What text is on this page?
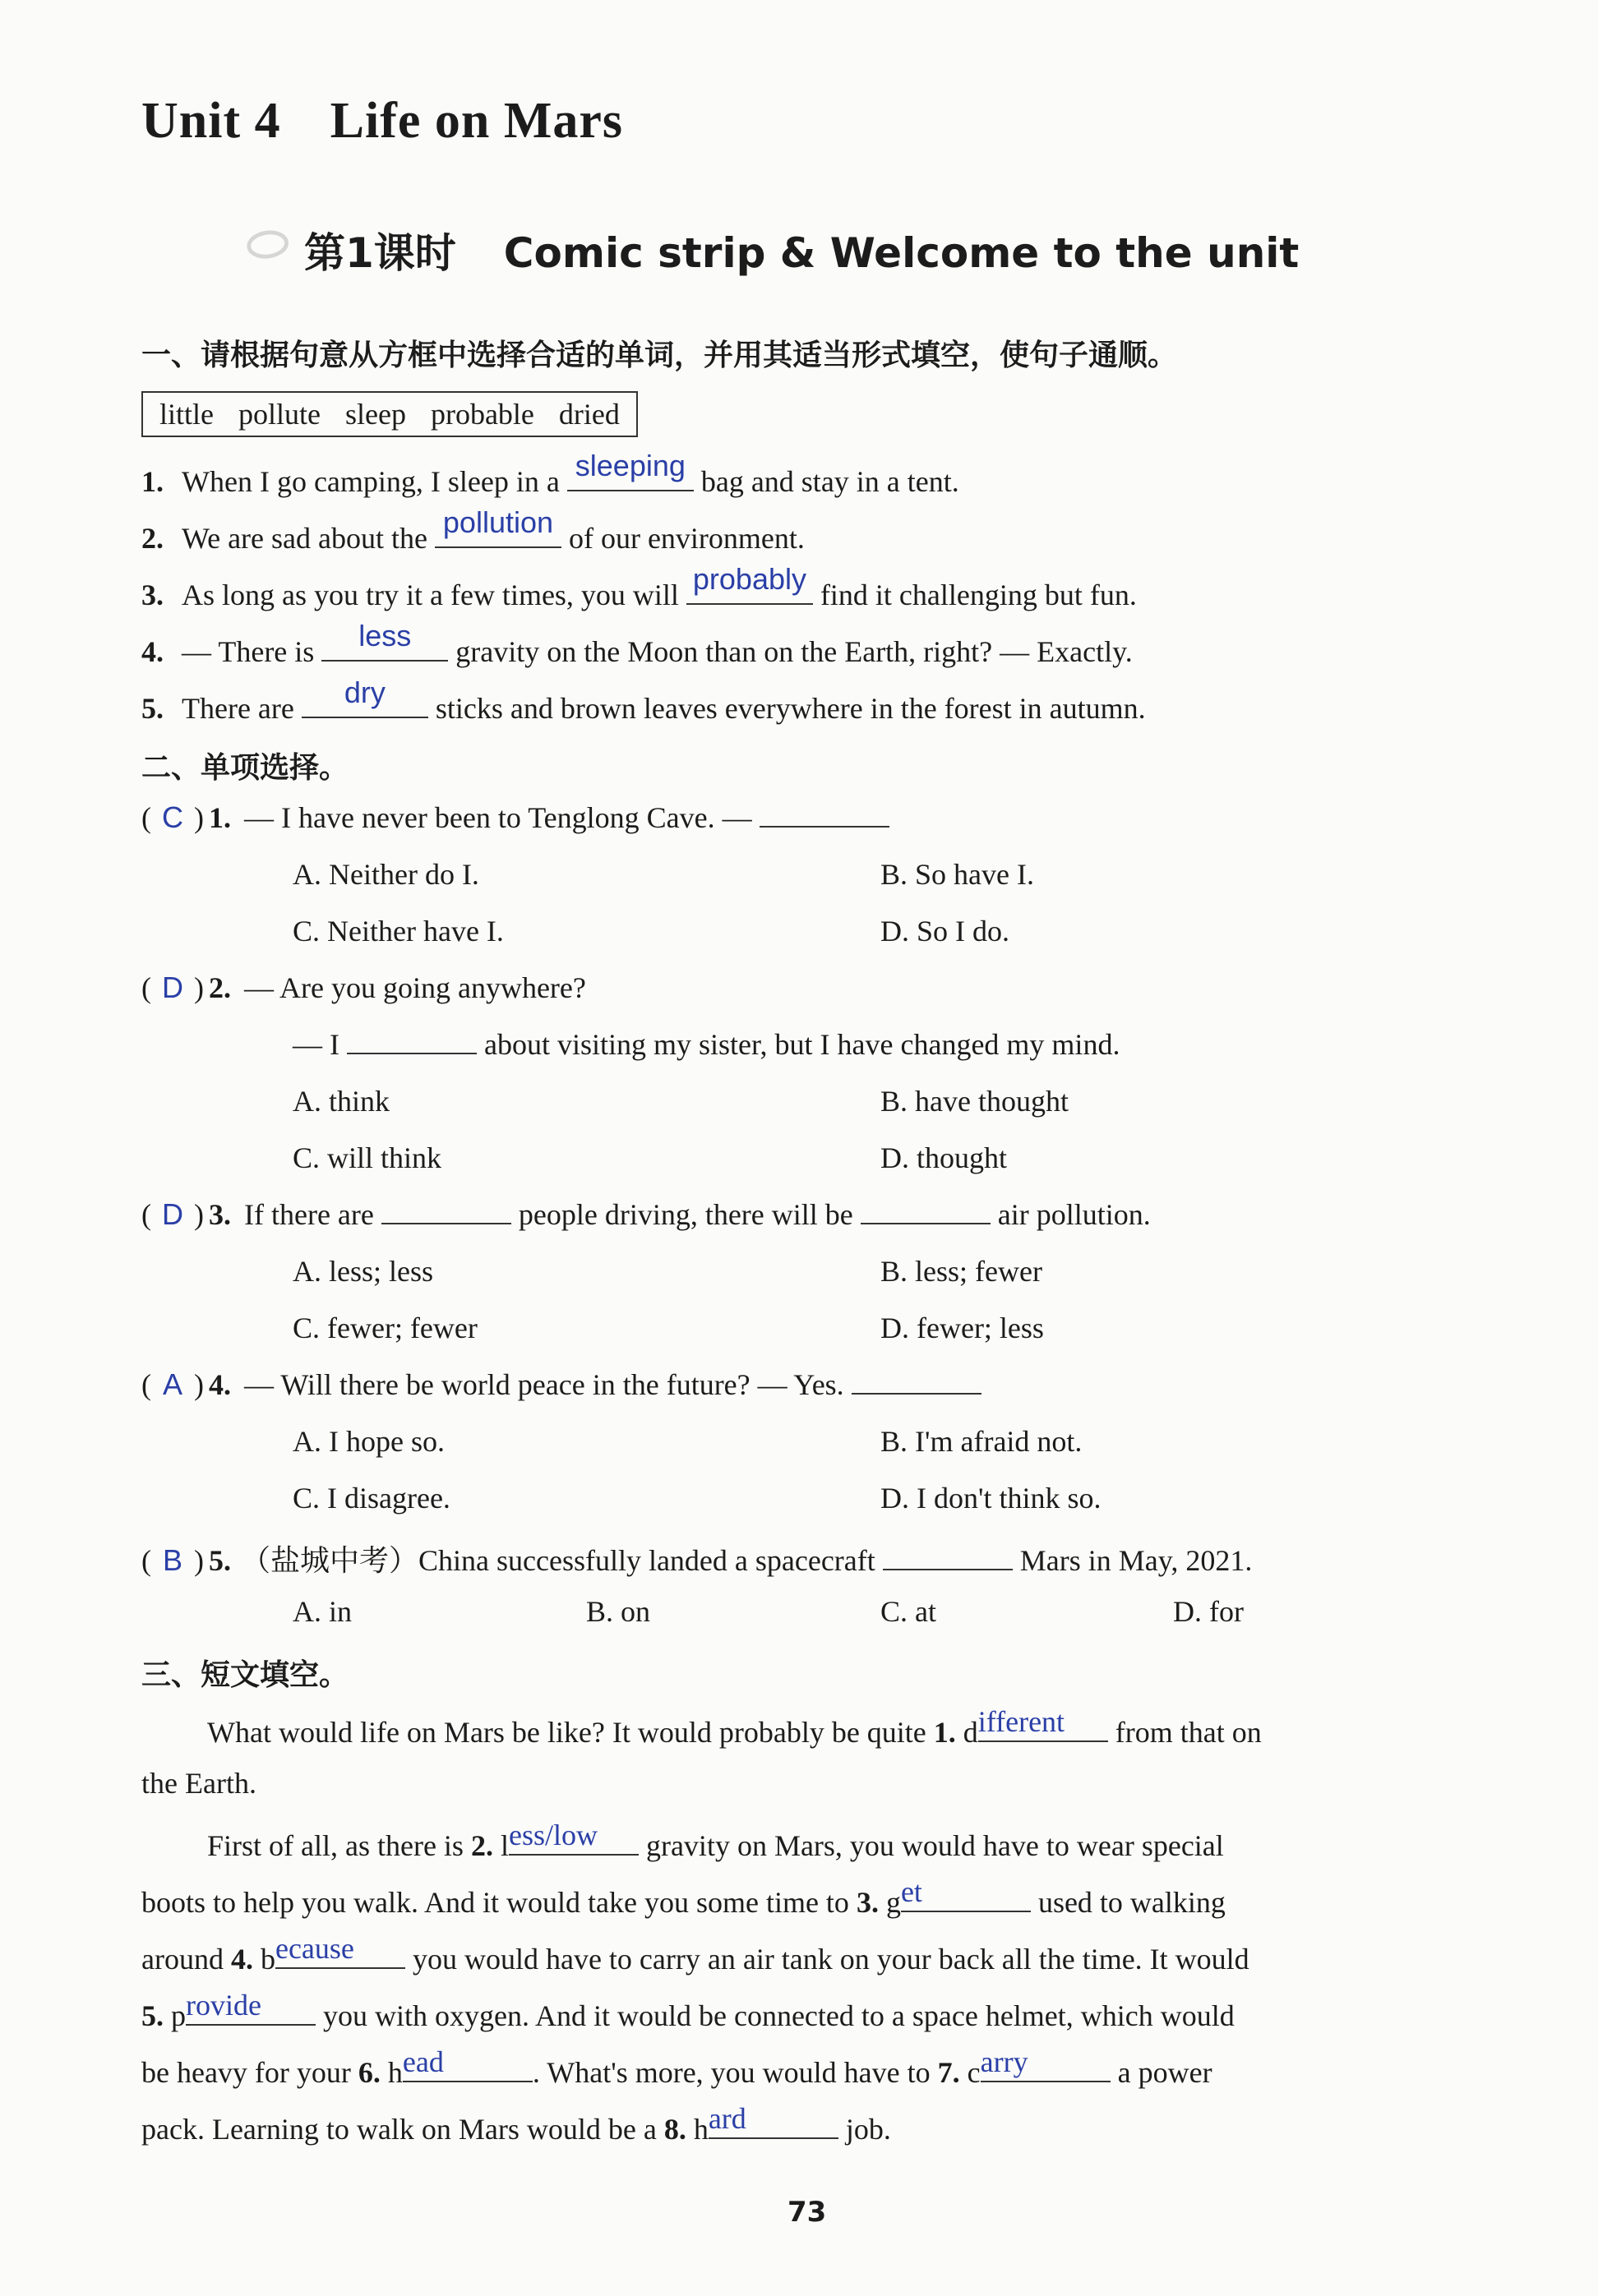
Unit 4 Life on Mars
⬭ 第1课时 Comic strip & Welcome to the unit
一、请根据句意从方框中选择合适的单词，并用其适当形式填空，使句子通顺。
little pollute sleep probable dried
1. When I go camping, I sleep in a sleeping bag and stay in a tent.
2. We are sad about the pollution of our environment.
3. As long as you try it a few times, you will probably find it challenging but fun.
4. — There is	less	gravity on the Moon than on the Earth, right? — Exactly.
5. There are	dry	sticks and brown leaves everywhere in the forest in autumn.
二、单项选择。
( C ) 1. — I have never been to Tenglong Cave. —
A. Neither do I.	B. So have I.
C. Neither have I.	D. So I do.
( D ) 2. — Are you going anywhere?
— I	about visiting my sister, but I have changed my mind.
A. think	B. have thought
C. will think	D. thought
( D ) 3. If there are	people driving, there will be	air pollution.
A. less; less	B. less; fewer
C. fewer; fewer	D. fewer; less
( A ) 4. — Will there be world peace in the future? — Yes.
A. I hope so.	B. I'm afraid not.
C. I disagree.	D. I don't think so.
( B ) 5. （盐城中考）China successfully landed a spacecraft	Mars in May, 2021.
A. in	B. on	C. at	D. for
三、短文填空。
What would life on Mars be like? It would probably be quite 1. d ifferent from that on
the Earth.
First of all, as there is 2. l ess/low gravity on Mars, you would have to wear special
boots to help you walk. And it would take you some time to 3. g et	used to walking
around 4. b ecause you would have to carry an air tank on your back all the time. It would
5. p rovide you with oxygen. And it would be connected to a space helmet, which would
be heavy for your 6. h ead	. What's more, you would have to 7. c arry	a power
pack. Learning to walk on Mars would be a 8. h ard	job.
73
